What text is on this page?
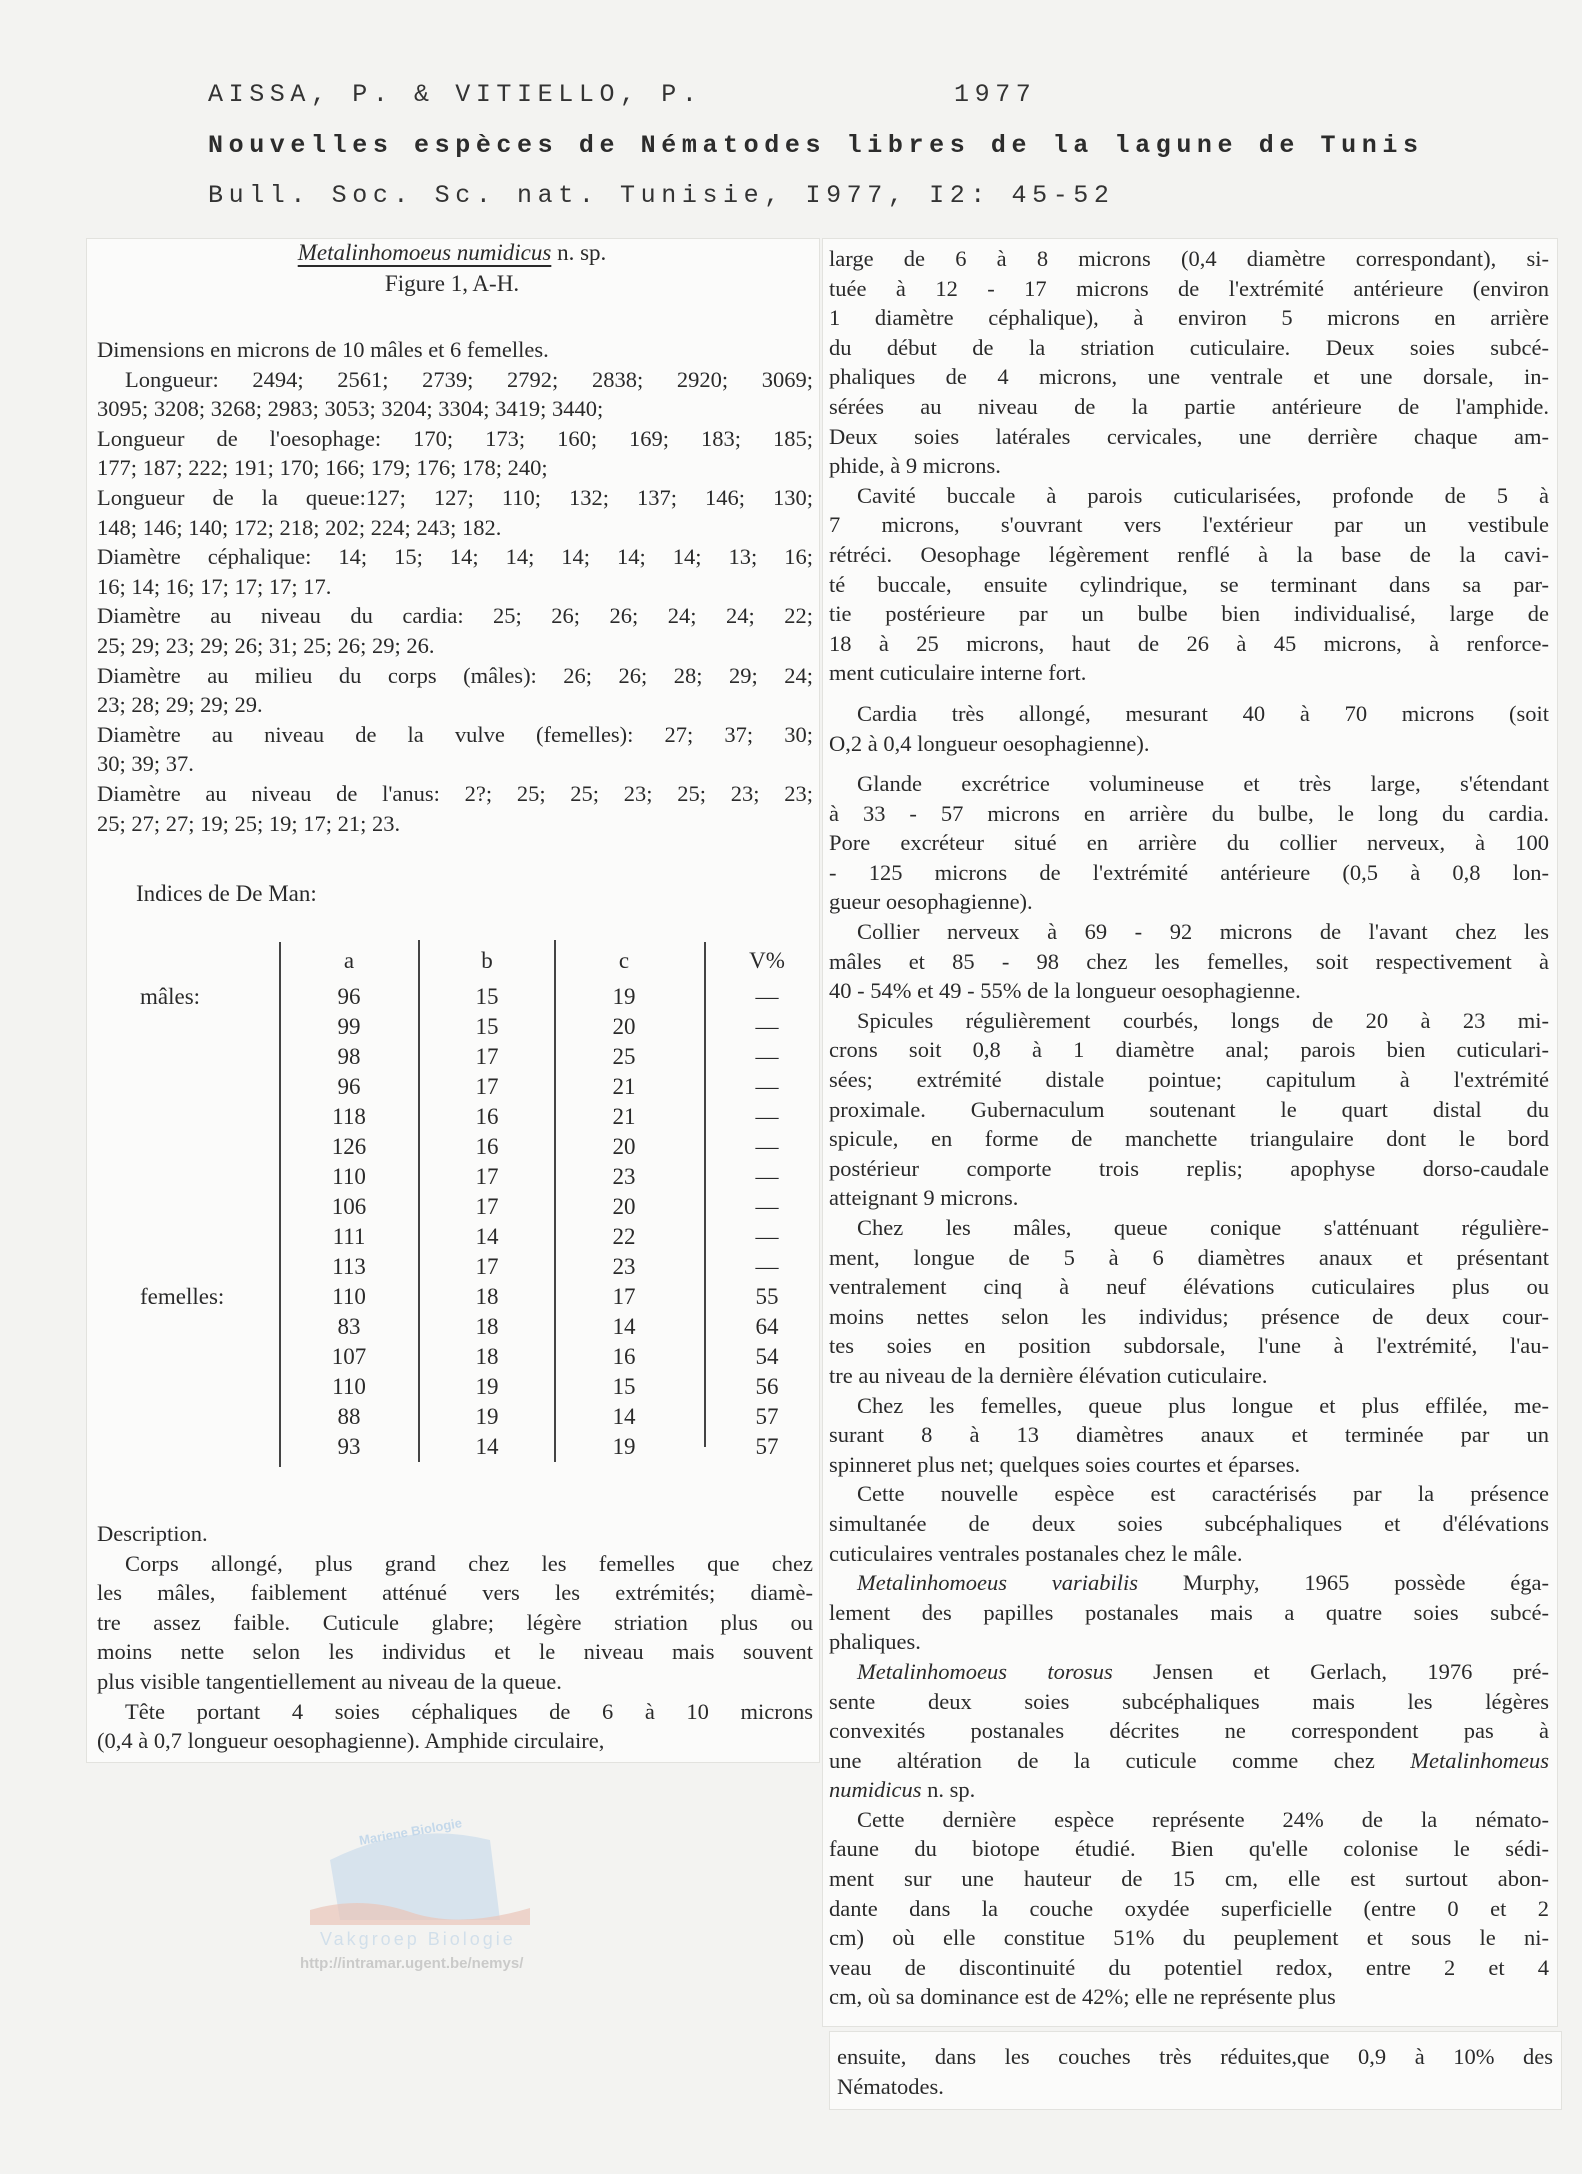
Mariene Biologie
Vakgroep Biologie
http://intramar.ugent.be/nemys/
AISSA, P. & VITIELLO, P.	1977
Nouvelles espèces de Nématodes libres de la lagune de Tunis
Bull. Soc. Sc. nat. Tunisie, I977, I2: 45-52
Metalinhomoeus numidicus n. sp.
Figure 1, A-H.
Dimensions en microns de 10 mâles et 6 femelles.
Longueur: 2494; 2561; 2739; 2792; 2838; 2920; 3069;
3095; 3208; 3268; 2983; 3053; 3204; 3304; 3419; 3440;
Longueur de l'oesophage: 170; 173; 160; 169; 183; 185;
177; 187; 222; 191; 170; 166; 179; 176; 178; 240;
Longueur de la queue:127; 127; 110; 132; 137; 146; 130;
148; 146; 140; 172; 218; 202; 224; 243; 182.
Diamètre céphalique: 14; 15; 14; 14; 14; 14; 14; 13; 16;
16; 14; 16; 17; 17; 17; 17.
Diamètre au niveau du cardia: 25; 26; 26; 24; 24; 22;
25; 29; 23; 29; 26; 31; 25; 26; 29; 26.
Diamètre au milieu du corps (mâles): 26; 26; 28; 29; 24;
23; 28; 29; 29; 29.
Diamètre au niveau de la vulve (femelles): 27; 37; 30;
30; 39; 37.
Diamètre au niveau de l'anus: 2?; 25; 25; 23; 25; 23; 23;
25; 27; 27; 19; 25; 19; 17; 21; 23.
Indices de De Man:
	a	b	c	V%
mâles:	96	15	19	—
	99	15	20	—
	98	17	25	—
	96	17	21	—
	118	16	21	—
	126	16	20	—
	110	17	23	—
	106	17	20	—
	111	14	22	—
	113	17	23	—
femelles:	110	18	17	55
	83	18	14	64
	107	18	16	54
	110	19	15	56
	88	19	14	57
	93	14	19	57
Description.
Corps allongé, plus grand chez les femelles que chez
les mâles, faiblement atténué vers les extrémités; diamè-
tre assez faible. Cuticule glabre; légère striation plus ou
moins nette selon les individus et le niveau mais souvent
plus visible tangentiellement au niveau de la queue.
Tête portant 4 soies céphaliques de 6 à 10 microns
(0,4 à 0,7 longueur oesophagienne). Amphide circulaire,
large de 6 à 8 microns (0,4 diamètre correspondant), si-
tuée à 12 - 17 microns de l'extrémité antérieure (environ
1 diamètre céphalique), à environ 5 microns en arrière
du début de la striation cuticulaire. Deux soies subcé-
phaliques de 4 microns, une ventrale et une dorsale, in-
sérées au niveau de la partie antérieure de l'amphide.
Deux soies latérales cervicales, une derrière chaque am-
phide, à 9 microns.
Cavité buccale à parois cuticularisées, profonde de 5 à
7 microns, s'ouvrant vers l'extérieur par un vestibule
rétréci. Oesophage légèrement renflé à la base de la cavi-
té buccale, ensuite cylindrique, se terminant dans sa par-
tie postérieure par un bulbe bien individualisé, large de
18 à 25 microns, haut de 26 à 45 microns, à renforce-
ment cuticulaire interne fort.
Cardia très allongé, mesurant 40 à 70 microns (soit
O,2 à 0,4 longueur oesophagienne).
Glande excrétrice volumineuse et très large, s'étendant
à 33 - 57 microns en arrière du bulbe, le long du cardia.
Pore excréteur situé en arrière du collier nerveux, à 100
- 125 microns de l'extrémité antérieure (0,5 à 0,8 lon-
gueur oesophagienne).
Collier nerveux à 69 - 92 microns de l'avant chez les
mâles et 85 - 98 chez les femelles, soit respectivement à
40 - 54% et 49 - 55% de la longueur oesophagienne.
Spicules régulièrement courbés, longs de 20 à 23 mi-
crons soit 0,8 à 1 diamètre anal; parois bien cuticulari-
sées; extrémité distale pointue; capitulum à l'extrémité
proximale. Gubernaculum soutenant le quart distal du
spicule, en forme de manchette triangulaire dont le bord
postérieur comporte trois replis; apophyse dorso-caudale
atteignant 9 microns.
Chez les mâles, queue conique s'atténuant régulière-
ment, longue de 5 à 6 diamètres anaux et présentant
ventralement cinq à neuf élévations cuticulaires plus ou
moins nettes selon les individus; présence de deux cour-
tes soies en position subdorsale, l'une à l'extrémité, l'au-
tre au niveau de la dernière élévation cuticulaire.
Chez les femelles, queue plus longue et plus effilée, me-
surant 8 à 13 diamètres anaux et terminée par un
spinneret plus net; quelques soies courtes et éparses.
Cette nouvelle espèce est caractérisés par la présence
simultanée de deux soies subcéphaliques et d'élévations
cuticulaires ventrales postanales chez le mâle.
Metalinhomoeus variabilis Murphy, 1965 possède éga-
lement des papilles postanales mais a quatre soies subcé-
phaliques.
Metalinhomoeus torosus Jensen et Gerlach, 1976 pré-
sente deux soies subcéphaliques mais les légères
convexités postanales décrites ne correspondent pas à
une altération de la cuticule comme chez Metalinhomeus
numidicus n. sp.
Cette dernière espèce représente 24% de la némato-
faune du biotope étudié. Bien qu'elle colonise le sédi-
ment sur une hauteur de 15 cm, elle est surtout abon-
dante dans la couche oxydée superficielle (entre 0 et 2
cm) où elle constitue 51% du peuplement et sous le ni-
veau de discontinuité du potentiel redox, entre 2 et 4
cm, où sa dominance est de 42%; elle ne représente plus
ensuite, dans les couches très réduites,que 0,9 à 10% des
Nématodes.
